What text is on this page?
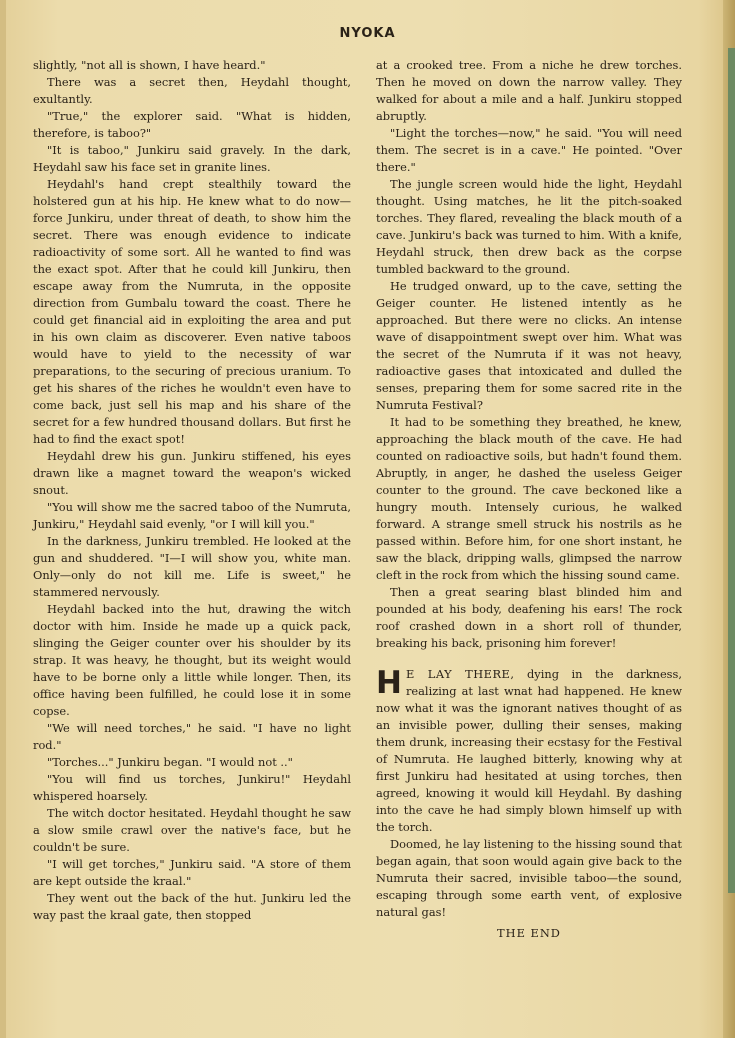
NYOKA

slightly, "not all is shown, I have heard."

There was a secret then, Heydahl thought, exultantly.

"True," the explorer said. "What is hidden, therefore, is taboo?"

"It is taboo," Junkiru said gravely. In the dark, Heydahl saw his face set in granite lines.

Heydahl's hand crept stealthily toward the holstered gun at his hip. He knew what to do now—force Junkiru, under threat of death, to show him the secret. There was enough evidence to indicate radioactivity of some sort. All he wanted to find was the exact spot. After that he could kill Junkiru, then escape away from the Numruta, in the opposite direction from Gumbalu toward the coast. There he could get financial aid in exploiting the area and put in his own claim as discoverer. Even native taboos would have to yield to the necessity of war preparations, to the securing of precious uranium. To get his shares of the riches he wouldn't even have to come back, just sell his map and his share of the secret for a few hundred thousand dollars. But first he had to find the exact spot!

Heydahl drew his gun. Junkiru stiffened, his eyes drawn like a magnet toward the weapon's wicked snout.

"You will show me the sacred taboo of the Numruta, Junkiru," Heydahl said evenly, "or I will kill you."

In the darkness, Junkiru trembled. He looked at the gun and shuddered. "I—I will show you, white man. Only—only do not kill me. Life is sweet," he stammered nervously.

Heydahl backed into the hut, drawing the witch doctor with him. Inside he made up a quick pack, slinging the Geiger counter over his shoulder by its strap. It was heavy, he thought, but its weight would have to be borne only a little while longer. Then, its office having been fulfilled, he could lose it in some copse.

"We will need torches," he said. "I have no light rod."

"Torches..." Junkiru began. "I would not .."

"You will find us torches, Junkiru!" Heydahl whispered hoarsely.

The witch doctor hesitated. Heydahl thought he saw a slow smile crawl over the native's face, but he couldn't be sure.

"I will get torches," Junkiru said. "A store of them are kept outside the kraal."

They went out the back of the hut. Junkiru led the way past the kraal gate, then stopped

at a crooked tree. From a niche he drew torches. Then he moved on down the narrow valley. They walked for about a mile and a half. Junkiru stopped abruptly.

"Light the torches—now," he said. "You will need them. The secret is in a cave." He pointed. "Over there."

The jungle screen would hide the light, Heydahl thought. Using matches, he lit the pitch-soaked torches. They flared, revealing the black mouth of a cave. Junkiru's back was turned to him. With a knife, Heydahl struck, then drew back as the corpse tumbled backward to the ground.

He trudged onward, up to the cave, setting the Geiger counter. He listened intently as he approached. But there were no clicks. An intense wave of disappointment swept over him. What was the secret of the Numruta if it was not heavy, radioactive gases that intoxicated and dulled the senses, preparing them for some sacred rite in the Numruta Festival?

It had to be something they breathed, he knew, approaching the black mouth of the cave. He had counted on radioactive soils, but hadn't found them. Abruptly, in anger, he dashed the useless Geiger counter to the ground. The cave beckoned like a hungry mouth. Intensely curious, he walked forward. A strange smell struck his nostrils as he passed within. Before him, for one short instant, he saw the black, dripping walls, glimpsed the narrow cleft in the rock from which the hissing sound came.

Then a great searing blast blinded him and pounded at his body, deafening his ears! The rock roof crashed down in a short roll of thunder, breaking his back, prisoning him forever!

H E LAY THERE, dying in the darkness, realizing at last wnat had happened. He knew now what it was the ignorant natives thought of as an invisible power, dulling their senses, making them drunk, increasing their ecstasy for the Festival of Numruta. He laughed bitterly, knowing why at first Junkiru had hesitated at using torches, then agreed, knowing it would kill Heydahl. By dashing into the cave he had simply blown himself up with the torch.

Doomed, he lay listening to the hissing sound that began again, that soon would again give back to the Numruta their sacred, invisible taboo—the sound, escaping through some earth vent, of explosive natural gas!

THE END
